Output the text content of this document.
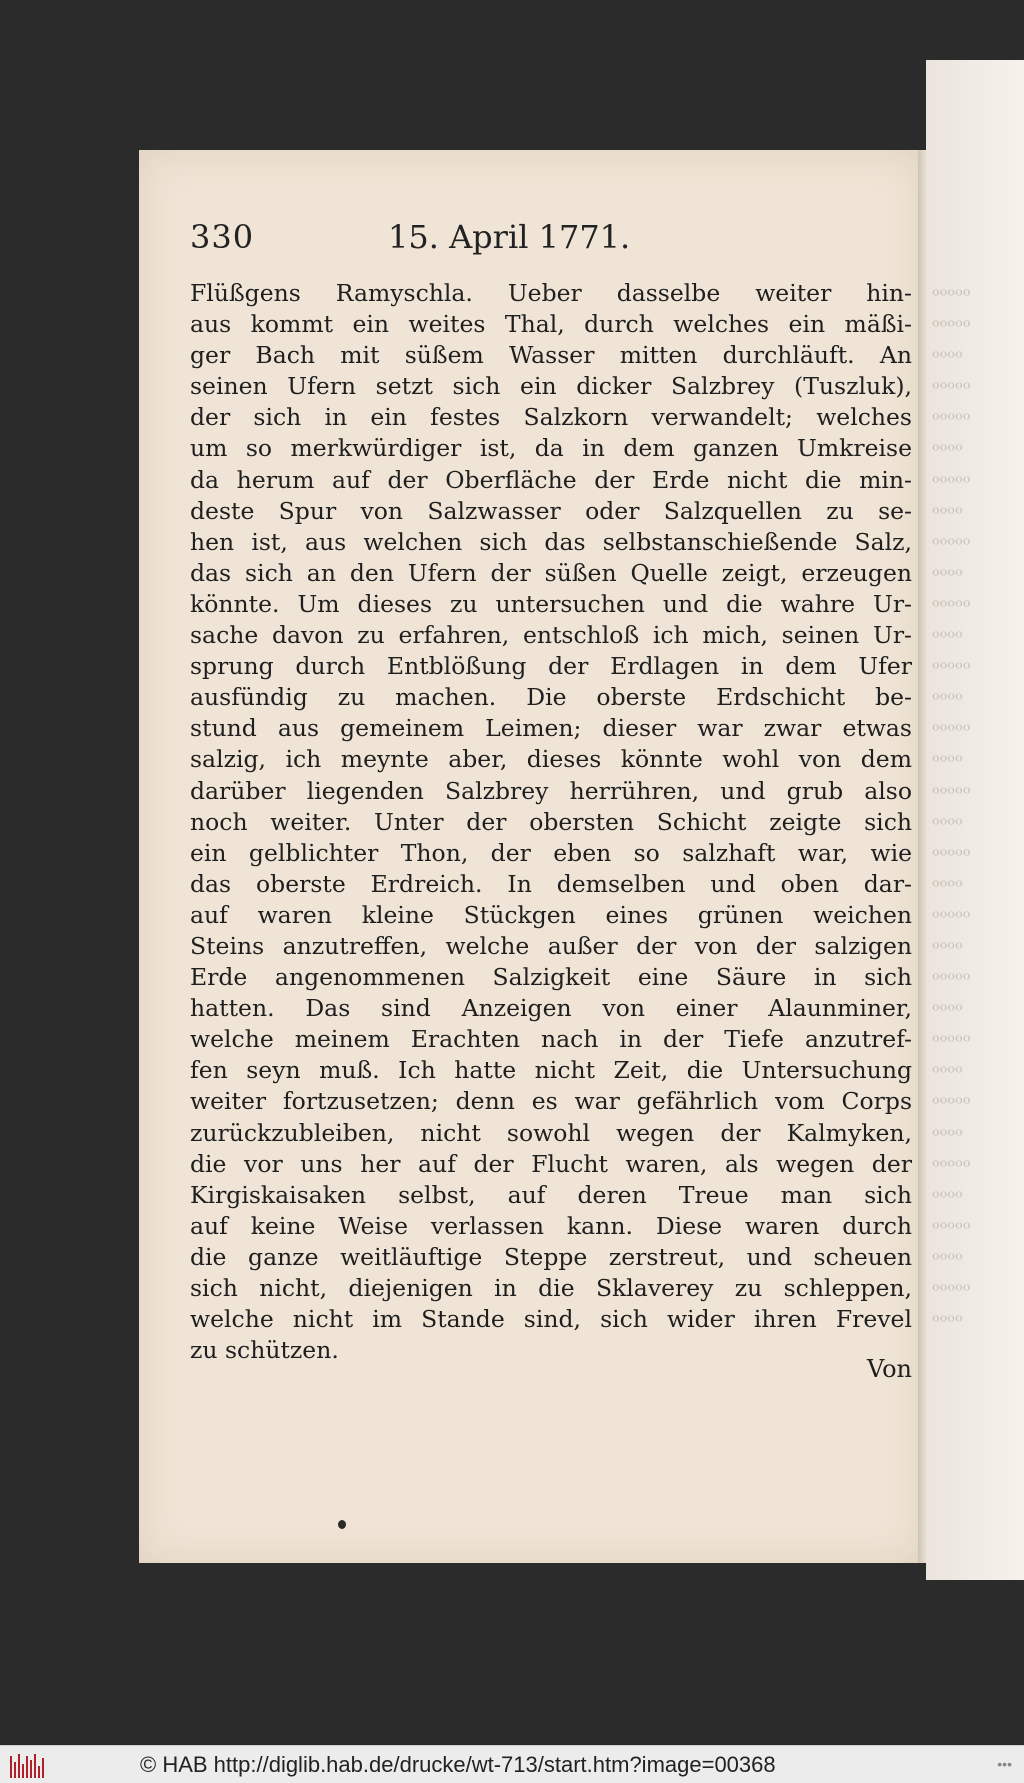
ᵒᵒᵒᵒᵒ
ᵒᵒᵒᵒᵒ
ᵒᵒᵒᵒ
ᵒᵒᵒᵒᵒ
ᵒᵒᵒᵒᵒ
ᵒᵒᵒᵒ
ᵒᵒᵒᵒᵒ
ᵒᵒᵒᵒ
ᵒᵒᵒᵒᵒ
ᵒᵒᵒᵒ
ᵒᵒᵒᵒᵒ
ᵒᵒᵒᵒ
ᵒᵒᵒᵒᵒ
ᵒᵒᵒᵒ
ᵒᵒᵒᵒᵒ
ᵒᵒᵒᵒ
ᵒᵒᵒᵒᵒ
ᵒᵒᵒᵒ
ᵒᵒᵒᵒᵒ
ᵒᵒᵒᵒ
ᵒᵒᵒᵒᵒ
ᵒᵒᵒᵒ
ᵒᵒᵒᵒᵒ
ᵒᵒᵒᵒ
ᵒᵒᵒᵒᵒ
ᵒᵒᵒᵒ
ᵒᵒᵒᵒᵒ
ᵒᵒᵒᵒ
ᵒᵒᵒᵒᵒ
ᵒᵒᵒᵒ
ᵒᵒᵒᵒᵒ
ᵒᵒᵒᵒ
ᵒᵒᵒᵒᵒ
ᵒᵒᵒᵒ
330	15. April 1771.
Flüßgens Ramyschla. Ueber dasselbe weiter hin-
aus kommt ein weites Thal, durch welches ein mäßi-
ger Bach mit süßem Wasser mitten durchläuft. An
seinen Ufern setzt sich ein dicker Salzbrey (Tuszluk),
der sich in ein festes Salzkorn verwandelt; welches
um so merkwürdiger ist, da in dem ganzen Umkreise
da herum auf der Oberfläche der Erde nicht die min-
deste Spur von Salzwasser oder Salzquellen zu se-
hen ist, aus welchen sich das selbstanschießende Salz,
das sich an den Ufern der süßen Quelle zeigt, erzeugen
könnte. Um dieses zu untersuchen und die wahre Ur-
sache davon zu erfahren, entschloß ich mich, seinen Ur-
sprung durch Entblößung der Erdlagen in dem Ufer
ausfündig zu machen. Die oberste Erdschicht be-
stund aus gemeinem Leimen; dieser war zwar etwas
salzig, ich meynte aber, dieses könnte wohl von dem
darüber liegenden Salzbrey herrühren, und grub also
noch weiter. Unter der obersten Schicht zeigte sich
ein gelblichter Thon, der eben so salzhaft war, wie
das oberste Erdreich. In demselben und oben dar-
auf waren kleine Stückgen eines grünen weichen
Steins anzutreffen, welche außer der von der salzigen
Erde angenommenen Salzigkeit eine Säure in sich
hatten. Das sind Anzeigen von einer Alaunminer,
welche meinem Erachten nach in der Tiefe anzutref-
fen seyn muß. Ich hatte nicht Zeit, die Untersuchung
weiter fortzusetzen; denn es war gefährlich vom Corps
zurückzubleiben, nicht sowohl wegen der Kalmyken,
die vor uns her auf der Flucht waren, als wegen der
Kirgiskaisaken selbst, auf deren Treue man sich
auf keine Weise verlassen kann. Diese waren durch
die ganze weitläuftige Steppe zerstreut, und scheuen
sich nicht, diejenigen in die Sklaverey zu schleppen,
welche nicht im Stande sind, sich wider ihren Frevel
zu schützen.
Von
© HAB http://diglib.hab.de/drucke/wt-713/start.htm?image=00368	•••
